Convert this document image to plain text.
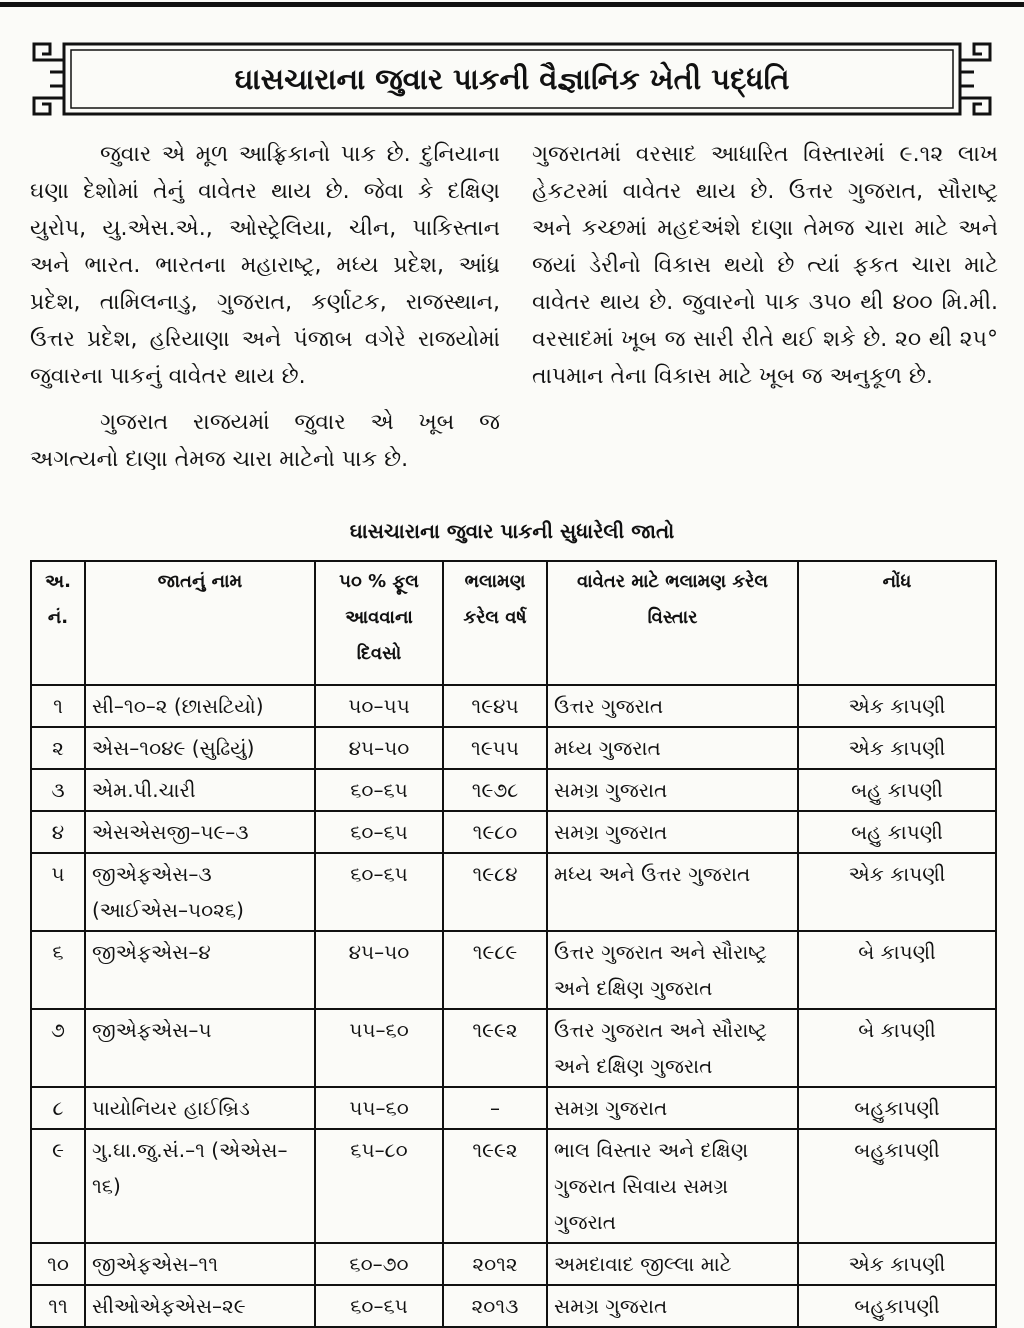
ઘાસચારાના જુવાર પાકની વૈજ્ઞાનિક ખેતી પદ્ધતિ

જુવાર એ મૂળ આફ્રિકાનો પાક છે. દુનિયાના ઘણા દેશોમાં તેનું વાવેતર થાય છે. જેવા કે દક્ષિણ યુરોપ, યુ.એસ.એ., ઓસ્ટ્રેલિયા, ચીન, પાકિસ્તાન અને ભારત. ભારતના મહારાષ્ટ્ર, મધ્ય પ્રદેશ, આંધ્ર પ્રદેશ, તામિલનાડુ, ગુજરાત, કર્ણાટક, રાજસ્થાન, ઉત્તર પ્રદેશ, હરિયાણા અને પંજાબ વગેરે રાજયોમાં જુવારના પાકનું વાવેતર થાય છે.

ગુજરાત રાજયમાં જુવાર એ ખૂબ જ અગત્યનો દાણા તેમજ ચારા માટેનો પાક છે.

ગુજરાતમાં વરસાદ આધારિત વિસ્તારમાં ૯.૧૨ લાખ હેકટરમાં વાવેતર થાય છે. ઉત્તર ગુજરાત, સૌરાષ્ટ્ર અને કચ્છમાં મહદઅંશે દાણા તેમજ ચારા માટે અને જયાં ડેરીનો વિકાસ થયો છે ત્યાં ફકત ચારા માટે વાવેતર થાય છે. જુવારનો પાક ૩૫૦ થી ૪૦૦ મિ.મી. વરસાદમાં ખૂબ જ સારી રીતે થઈ શકે છે. ૨૦ થી ૨૫° તાપમાન તેના વિકાસ માટે ખૂબ જ અનુકૂળ છે.

ઘાસચારાના જુવાર પાકની સુધારેલી જાતો
અ. નં.	જાતનું નામ	૫૦ % ફૂલ આવવાના દિવસો	ભલામણ કરેલ વર્ષ	વાવેતર માટે ભલામણ કરેલ વિસ્તાર	નોંધ
૧	સી–૧૦–૨ (છાસટિયો)	૫૦–૫૫	૧૯૪૫	ઉત્તર ગુજરાત	એક કાપણી
૨	એસ–૧૦૪૯ (સુઢિયું)	૪૫–૫૦	૧૯૫૫	મધ્ય ગુજરાત	એક કાપણી
૩	એમ.પી.ચારી	૬૦–૬૫	૧૯૭૮	સમગ્ર ગુજરાત	બહુ કાપણી
૪	એસએસજી–૫૯–૩	૬૦–૬૫	૧૯૮૦	સમગ્ર ગુજરાત	બહુ કાપણી
૫	જીએફએસ–૩ (આઈએસ–૫૦૨૬)	૬૦–૬૫	૧૯૮૪	મધ્ય અને ઉત્તર ગુજરાત	એક કાપણી
૬	જીએફએસ–૪	૪૫–૫૦	૧૯૮૯	ઉત્તર ગુજરાત અને સૌરાષ્ટ્ર અને દક્ષિણ ગુજરાત	બે કાપણી
૭	જીએફએસ–૫	૫૫–૬૦	૧૯૯૨	ઉત્તર ગુજરાત અને સૌરાષ્ટ્ર અને દક્ષિણ ગુજરાત	બે કાપણી
૮	પાયોનિયર હાઈબ્રિડ	૫૫–૬૦	–	સમગ્ર ગુજરાત	બહુકાપણી
૯	ગુ.ઘા.જુ.સં.–૧ (એએસ–૧૬)	૬૫–૮૦	૧૯૯૨	ભાલ વિસ્તાર અને દક્ષિણ ગુજરાત સિવાય સમગ્ર ગુજરાત	બહુકાપણી
૧૦	જીએફએસ–૧૧	૬૦–૭૦	૨૦૧૨	અમદાવાદ જીલ્લા માટે	એક કાપણી
૧૧	સીઓએફએસ–૨૯	૬૦–૬૫	૨૦૧૩	સમગ્ર ગુજરાત	બહુકાપણી
